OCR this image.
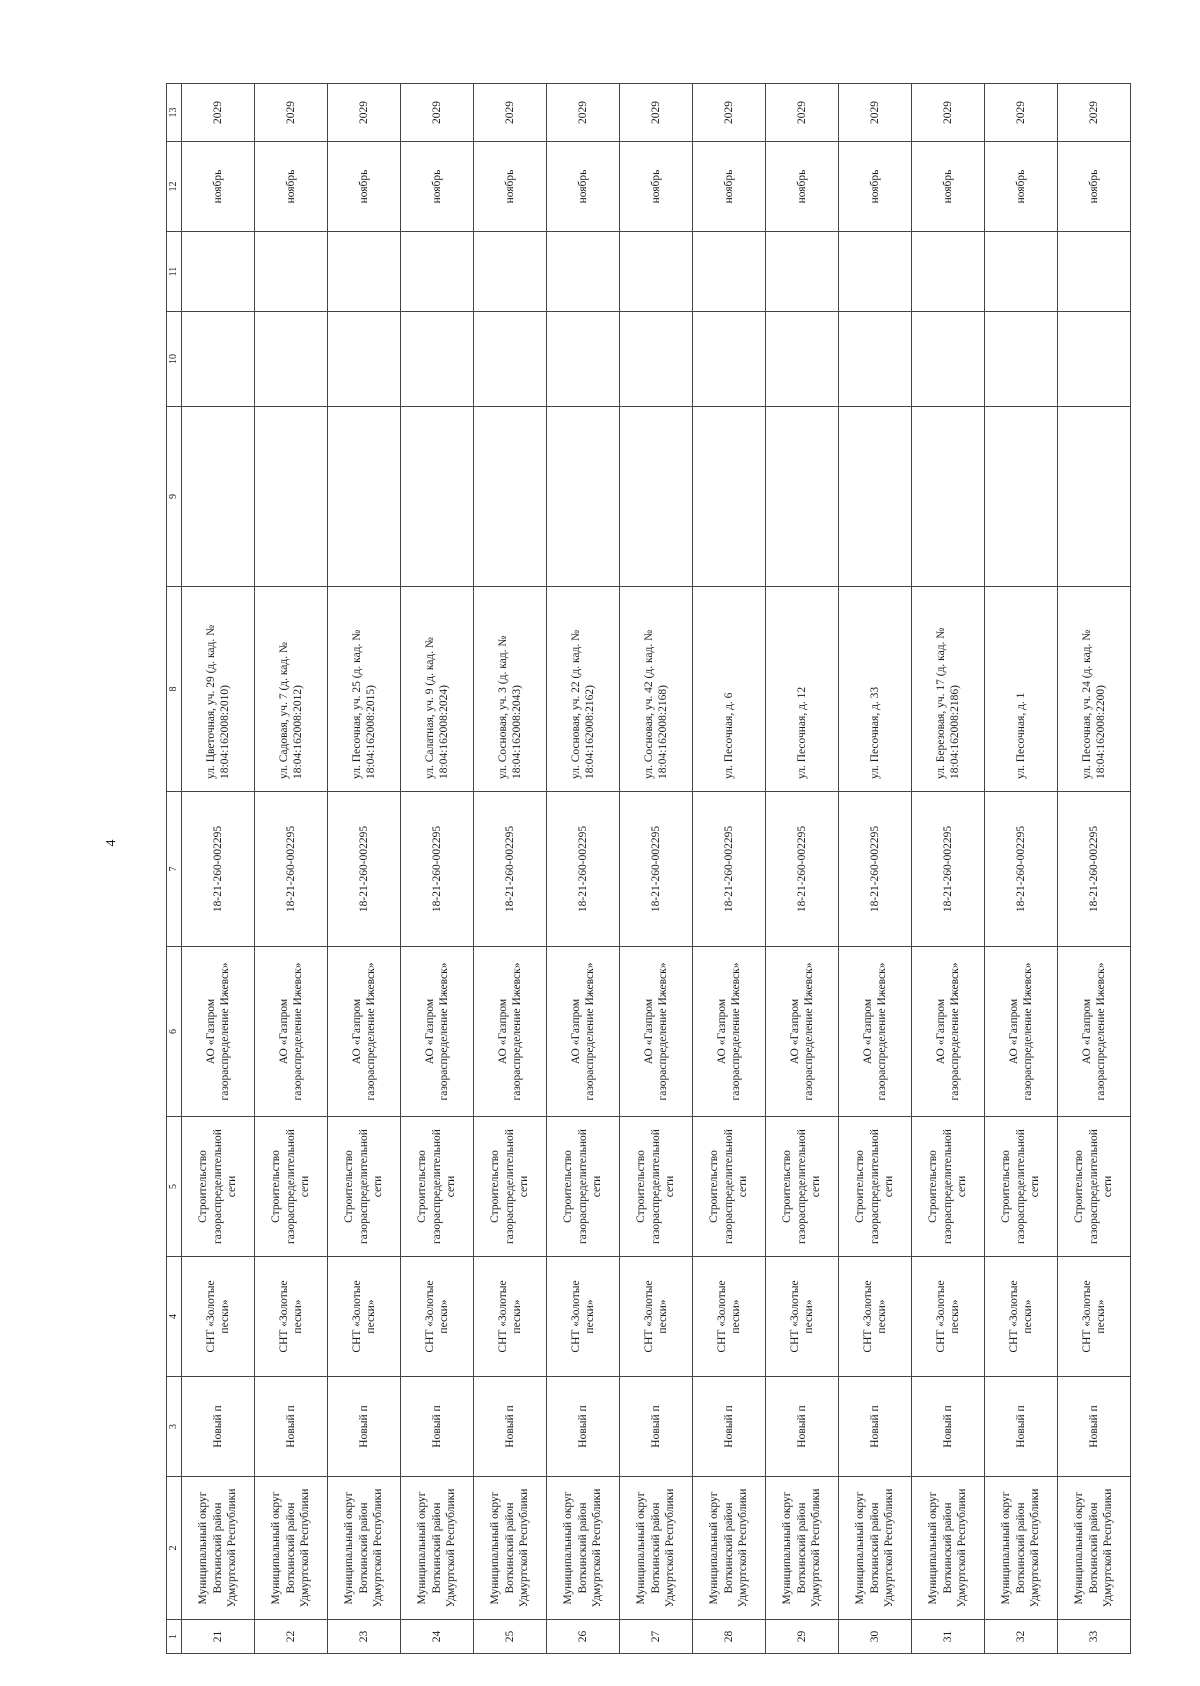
4
1	2	3	4	5	6	7	8	9	10	11	12	13
21	Муниципальный округ Воткинский район Удмуртской Республики	Новый п	СНТ «Золотые пески»	Строительство газораспределительной сети	АО «Газпром газораспределение Ижевск»	18-21-260-002295	ул. Цветочная, уч. 29 (д. кад. № 18:04:162008:2010)				ноябрь	2029
22	Муниципальный округ Воткинский район Удмуртской Республики	Новый п	СНТ «Золотые пески»	Строительство газораспределительной сети	АО «Газпром газораспределение Ижевск»	18-21-260-002295	ул. Садовая, уч. 7 (д. кад. № 18:04:162008:2012)				ноябрь	2029
23	Муниципальный округ Воткинский район Удмуртской Республики	Новый п	СНТ «Золотые пески»	Строительство газораспределительной сети	АО «Газпром газораспределение Ижевск»	18-21-260-002295	ул. Песочная, уч. 25 (д. кад. № 18:04:162008:2015)				ноябрь	2029
24	Муниципальный округ Воткинский район Удмуртской Республики	Новый п	СНТ «Золотые пески»	Строительство газораспределительной сети	АО «Газпром газораспределение Ижевск»	18-21-260-002295	ул. Салатная, уч. 9 (д. кад. № 18:04:162008:2024)				ноябрь	2029
25	Муниципальный округ Воткинский район Удмуртской Республики	Новый п	СНТ «Золотые пески»	Строительство газораспределительной сети	АО «Газпром газораспределение Ижевск»	18-21-260-002295	ул. Сосновая, уч. 3 (д. кад. № 18:04:162008:2043)				ноябрь	2029
26	Муниципальный округ Воткинский район Удмуртской Республики	Новый п	СНТ «Золотые пески»	Строительство газораспределительной сети	АО «Газпром газораспределение Ижевск»	18-21-260-002295	ул. Сосновая, уч. 22 (д. кад. № 18:04:162008:2162)				ноябрь	2029
27	Муниципальный округ Воткинский район Удмуртской Республики	Новый п	СНТ «Золотые пески»	Строительство газораспределительной сети	АО «Газпром газораспределение Ижевск»	18-21-260-002295	ул. Сосновая, уч. 42 (д. кад. № 18:04:162008:2168)				ноябрь	2029
28	Муниципальный округ Воткинский район Удмуртской Республики	Новый п	СНТ «Золотые пески»	Строительство газораспределительной сети	АО «Газпром газораспределение Ижевск»	18-21-260-002295	ул. Песочная, д. 6				ноябрь	2029
29	Муниципальный округ Воткинский район Удмуртской Республики	Новый п	СНТ «Золотые пески»	Строительство газораспределительной сети	АО «Газпром газораспределение Ижевск»	18-21-260-002295	ул. Песочная, д. 12				ноябрь	2029
30	Муниципальный округ Воткинский район Удмуртской Республики	Новый п	СНТ «Золотые пески»	Строительство газораспределительной сети	АО «Газпром газораспределение Ижевск»	18-21-260-002295	ул. Песочная, д. 33				ноябрь	2029
31	Муниципальный округ Воткинский район Удмуртской Республики	Новый п	СНТ «Золотые пески»	Строительство газораспределительной сети	АО «Газпром газораспределение Ижевск»	18-21-260-002295	ул. Березовая, уч. 17 (д. кад. № 18:04:162008:2186)				ноябрь	2029
32	Муниципальный округ Воткинский район Удмуртской Республики	Новый п	СНТ «Золотые пески»	Строительство газораспределительной сети	АО «Газпром газораспределение Ижевск»	18-21-260-002295	ул. Песочная, д. 1				ноябрь	2029
33	Муниципальный округ Воткинский район Удмуртской Республики	Новый п	СНТ «Золотые пески»	Строительство газораспределительной сети	АО «Газпром газораспределение Ижевск»	18-21-260-002295	ул. Песочная, уч. 24 (д. кад. № 18:04:162008:2200)				ноябрь	2029
